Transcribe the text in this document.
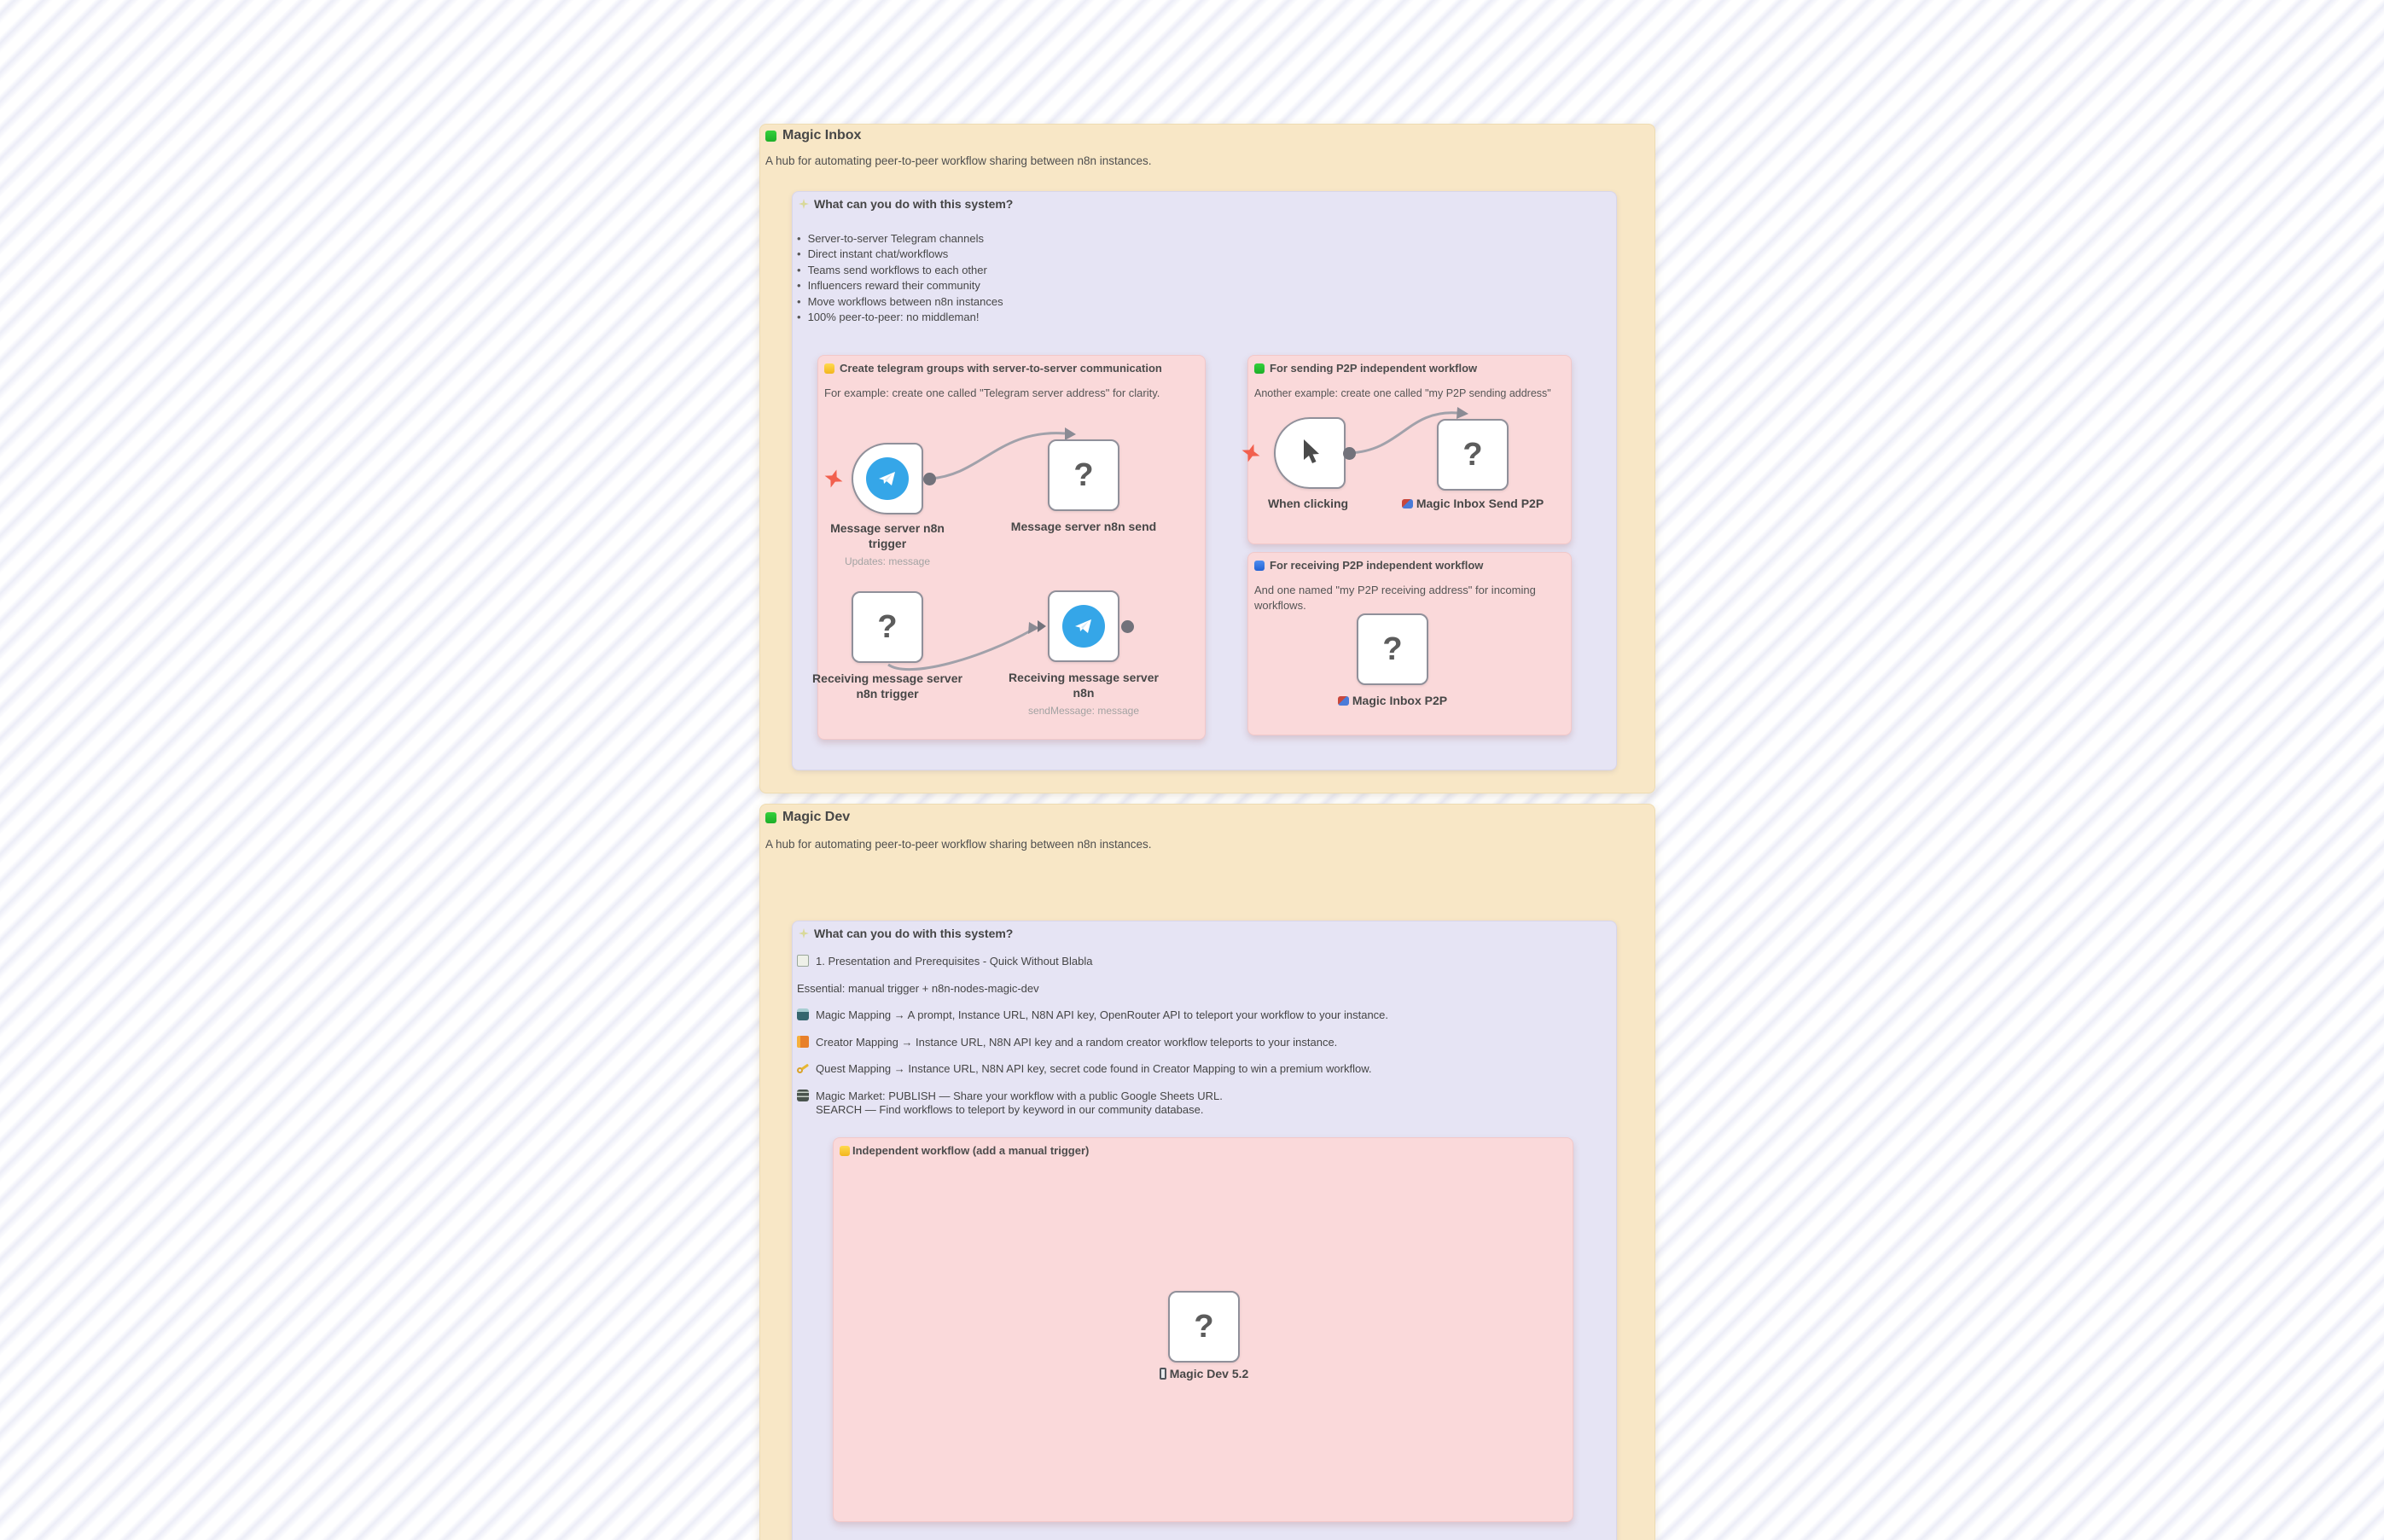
Magic Inbox
A hub for automating peer-to-peer workflow sharing between n8n instances.
What can you do with this system?
• Server-to-server Telegram channels
• Direct instant chat/workflows
• Teams send workflows to each other
• Influencers reward their community
• Move workflows between n8n instances
• 100% peer-to-peer: no middleman!
Create telegram groups with server-to-server communication
For example: create one called "Telegram server address" for clarity.
For sending P2P independent workflow
Another example: create one called "my P2P sending address"
For receiving P2P independent workflow
And one named "my P2P receiving address" for incoming workflows.
Magic Dev
A hub for automating peer-to-peer workflow sharing between n8n instances.
What can you do with this system?
1. Presentation and Prerequisites - Quick Without Blabla
Essential: manual trigger + n8n-nodes-magic-dev
Magic Mapping → A prompt, Instance URL, N8N API key, OpenRouter API to teleport your workflow to your instance.
Creator Mapping → Instance URL, N8N API key and a random creator workflow teleports to your instance.
Quest Mapping → Instance URL, N8N API key, secret code found in Creator Mapping to win a premium workflow.
Magic Market: PUBLISH — Share your workflow with a public Google Sheets URL.
SEARCH — Find workflows to teleport by keyword in our community database.
Independent workflow (add a manual trigger)
Message server n8n trigger
Updates: message
?
Message server n8n send
?
Receiving message server n8n trigger
Receiving message server n8n
sendMessage: message
When clicking
?
Magic Inbox Send P2P
?
Magic Inbox P2P
?
Magic Dev 5.2
